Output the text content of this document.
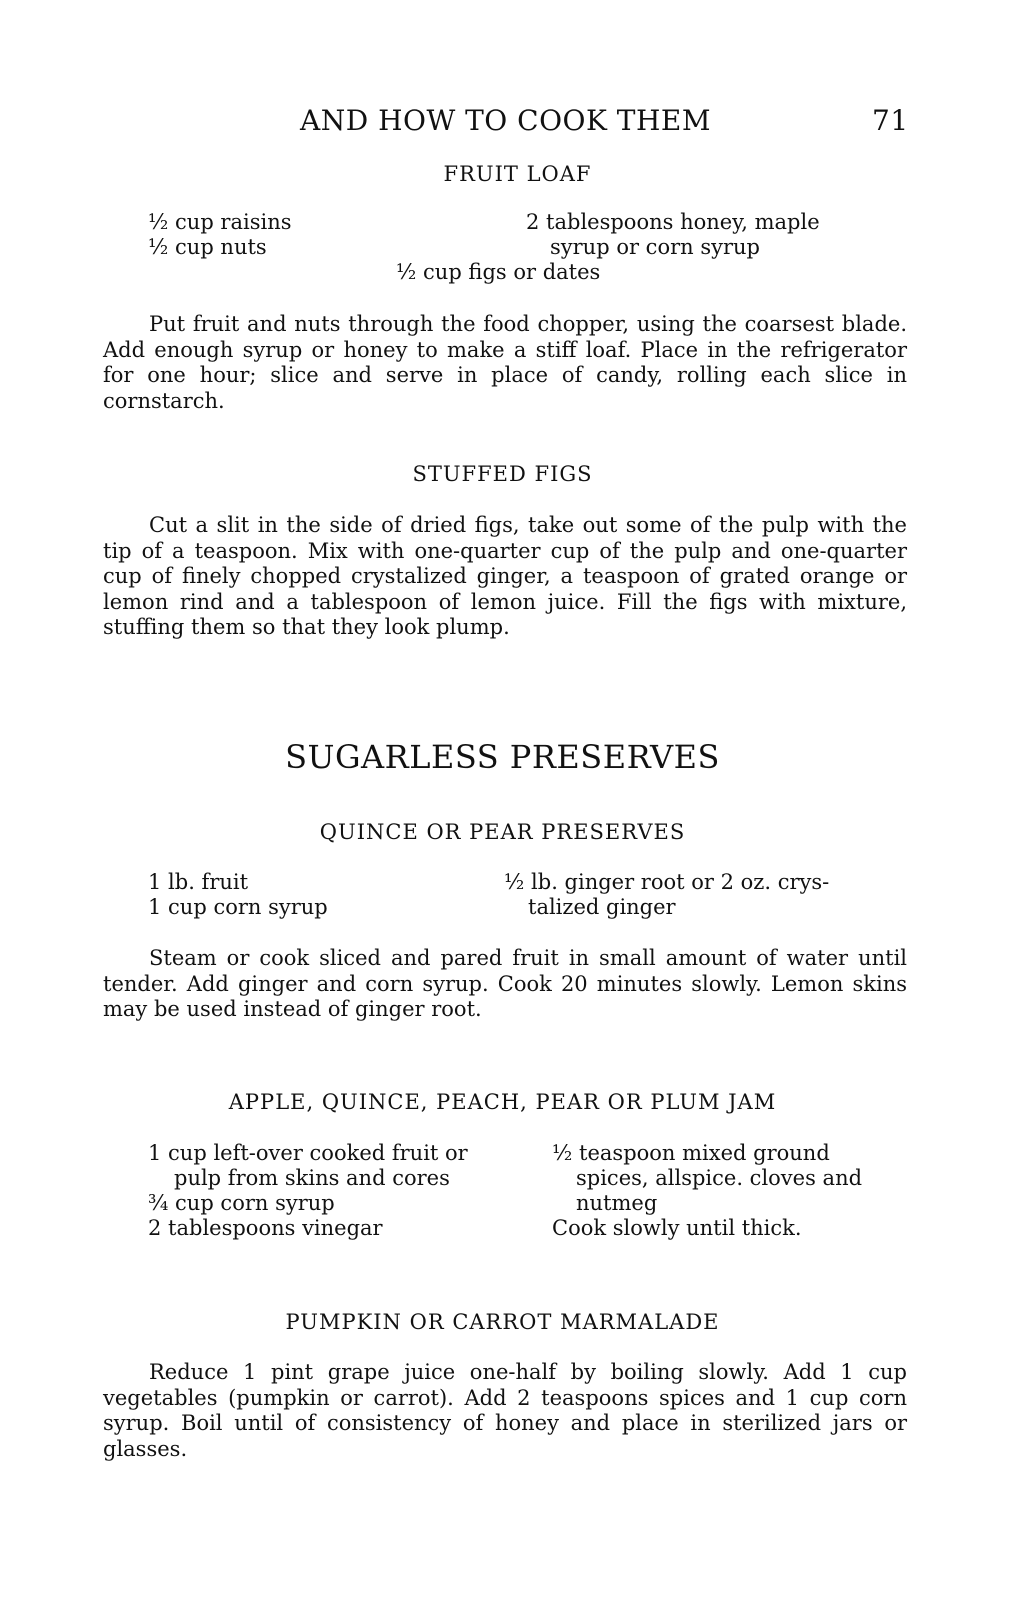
AND HOW TO COOK THEM	71
FRUIT LOAF
½ cup raisins
½ cup nuts
2 tablespoons honey, maple
syrup or corn syrup
½ cup figs or dates
Put fruit and nuts through the food chopper, using the coarsest blade. Add enough syrup or honey to make a stiff loaf. Place in the refrigerator for one hour; slice and serve in place of candy, rolling each slice in cornstarch.
STUFFED FIGS
Cut a slit in the side of dried figs, take out some of the pulp with the tip of a teaspoon. Mix with one-quarter cup of the pulp and one-quarter cup of finely chopped crystalized ginger, a teaspoon of grated orange or lemon rind and a tablespoon of lemon juice. Fill the figs with mixture, stuffing them so that they look plump.
SUGARLESS PRESERVES
QUINCE OR PEAR PRESERVES
1 lb. fruit
1 cup corn syrup
½ lb. ginger root or 2 oz. crys-
talized ginger
Steam or cook sliced and pared fruit in small amount of water until tender. Add ginger and corn syrup. Cook 20 minutes slowly. Lemon skins may be used instead of ginger root.
APPLE, QUINCE, PEACH, PEAR OR PLUM JAM
1 cup left-over cooked fruit or
pulp from skins and cores
¾ cup corn syrup
2 tablespoons vinegar
½ teaspoon mixed ground
spices, allspice. cloves and
nutmeg
Cook slowly until thick.
PUMPKIN OR CARROT MARMALADE
Reduce 1 pint grape juice one-half by boiling slowly. Add 1 cup vegetables (pumpkin or carrot). Add 2 teaspoons spices and 1 cup corn syrup. Boil until of consistency of honey and place in sterilized jars or glasses.
